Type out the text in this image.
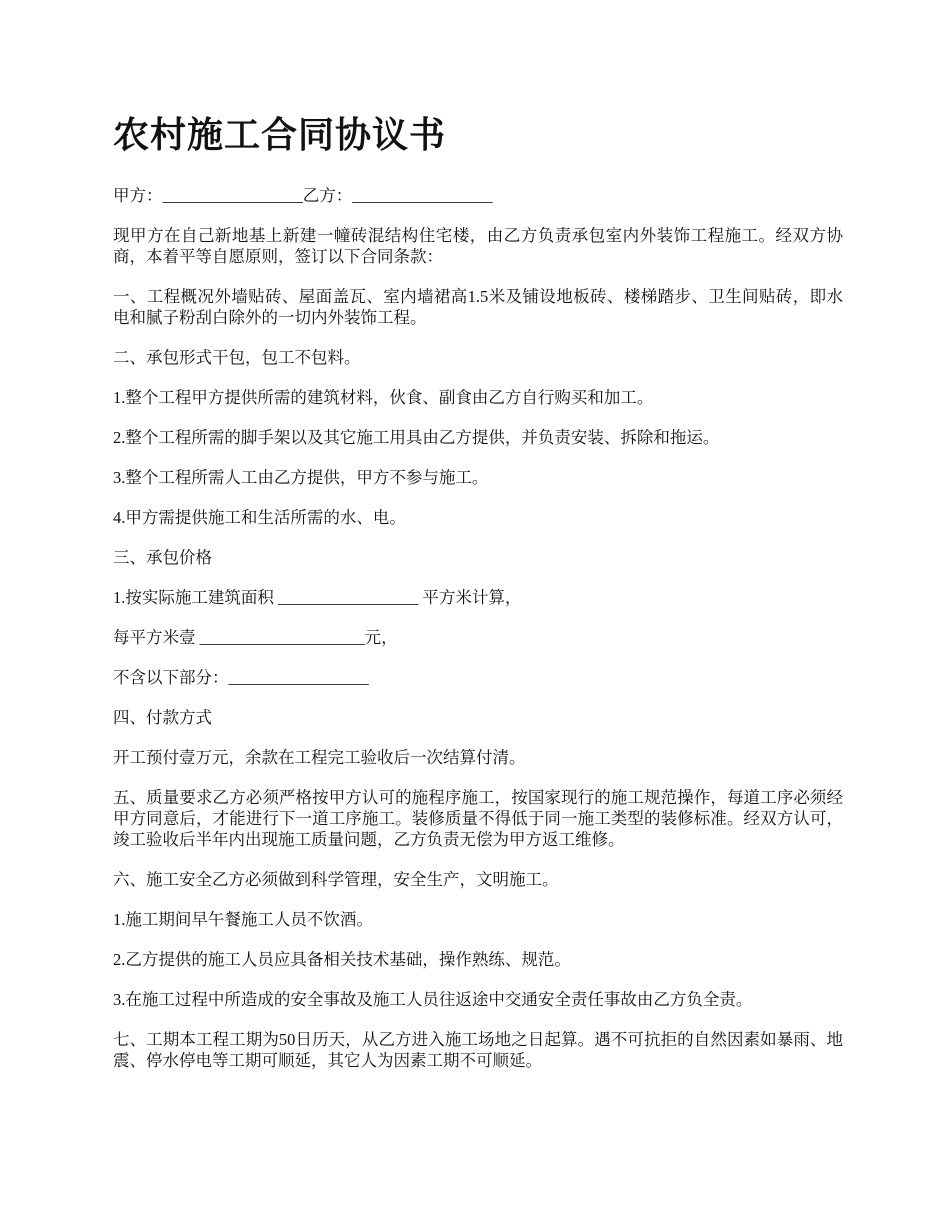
农村施工合同协议书

甲方：_________________乙方：_________________

现甲方在自己新地基上新建一幢砖混结构住宅楼，由乙方负责承包室内外装饰工程施工。经双方协商，本着平等自愿原则，签订以下合同条款：

一、工程概况外墙贴砖、屋面盖瓦、室内墙裙高1.5米及铺设地板砖、楼梯踏步、卫生间贴砖，即水电和腻子粉刮白除外的一切内外装饰工程。

二、承包形式干包，包工不包料。

1.整个工程甲方提供所需的建筑材料，伙食、副食由乙方自行购买和加工。

2.整个工程所需的脚手架以及其它施工用具由乙方提供，并负责安装、拆除和拖运。

3.整个工程所需人工由乙方提供，甲方不参与施工。

4.甲方需提供施工和生活所需的水、电。

三、承包价格

1.按实际施工建筑面积 _________________ 平方米计算，

每平方米壹 ____________________元，

不含以下部分：_________________

四、付款方式

开工预付壹万元，余款在工程完工验收后一次结算付清。

五、质量要求乙方必须严格按甲方认可的施程序施工，按国家现行的施工规范操作，每道工序必须经甲方同意后，才能进行下一道工序施工。装修质量不得低于同一施工类型的装修标准。经双方认可，竣工验收后半年内出现施工质量问题，乙方负责无偿为甲方返工维修。

六、施工安全乙方必须做到科学管理，安全生产，文明施工。

1.施工期间早午餐施工人员不饮酒。

2.乙方提供的施工人员应具备相关技术基础，操作熟练、规范。

3.在施工过程中所造成的安全事故及施工人员往返途中交通安全责任事故由乙方负全责。

七、工期本工程工期为50日历天，从乙方进入施工场地之日起算。遇不可抗拒的自然因素如暴雨、地震、停水停电等工期可顺延，其它人为因素工期不可顺延。
